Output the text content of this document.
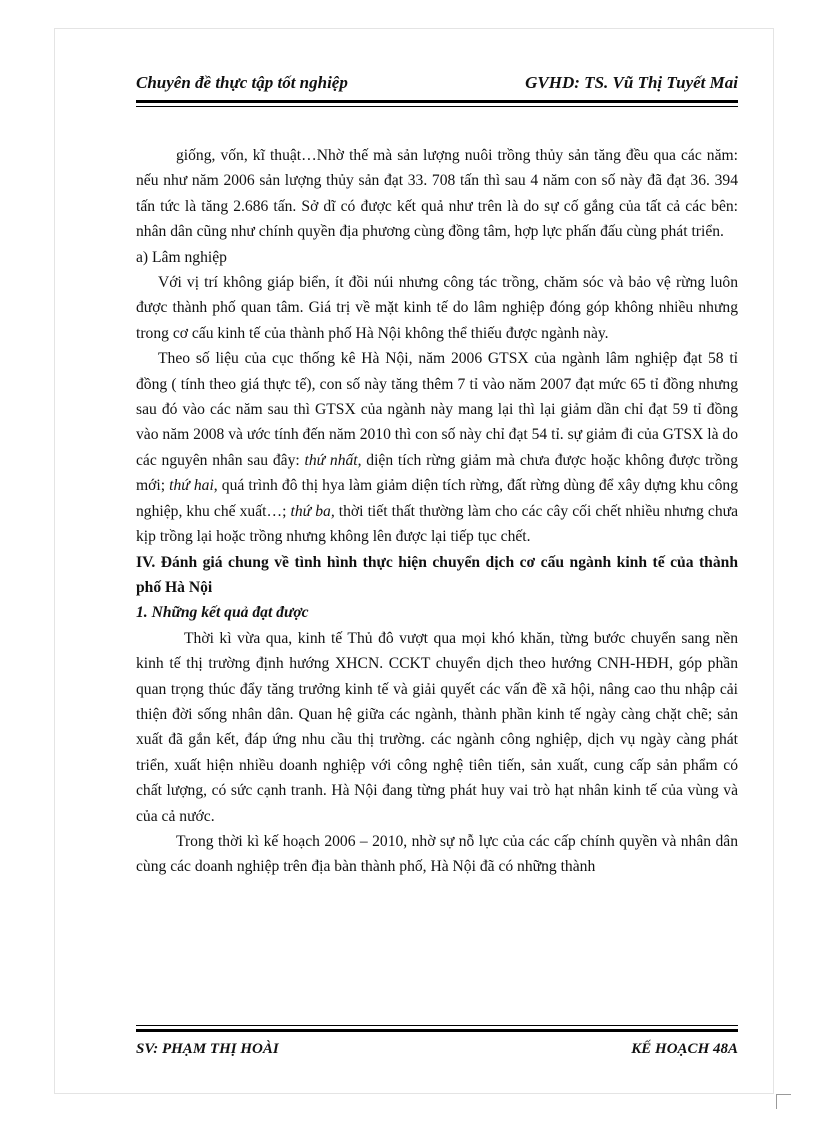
Chuyên đề thực tập tốt nghiệp	GVHD: TS. Vũ Thị Tuyết Mai

giống, vốn, kĩ thuật…Nhờ thế mà sản lượng nuôi trồng thủy sản tăng đều qua các năm: nếu như năm 2006 sản lượng thủy sản đạt 33. 708 tấn thì sau 4 năm con số này đã đạt 36. 394 tấn tức là tăng 2.686 tấn. Sở dĩ có được kết quả như trên là do sự cố gắng của tất cả các bên: nhân dân cũng như chính quyền địa phương cùng đồng tâm, hợp lực phấn đấu cùng phát triển.

a) Lâm nghiệp

Với vị trí không giáp biển, ít đồi núi nhưng công tác trồng, chăm sóc và bảo vệ rừng luôn được thành phố quan tâm. Giá trị về mặt kinh tế do lâm nghiệp đóng góp không nhiều nhưng trong cơ cấu kinh tế của thành phố Hà Nội không thể thiếu được ngành này.

Theo số liệu của cục thống kê Hà Nội, năm 2006 GTSX của ngành lâm nghiệp đạt 58 tỉ đồng ( tính theo giá thực tế), con số này tăng thêm 7 tỉ vào năm 2007 đạt mức 65 tỉ đồng nhưng sau đó vào các năm sau thì GTSX của ngành này mang lại thì lại giảm dần chỉ đạt 59 tỉ đồng vào năm 2008 và ước tính đến năm 2010 thì con số này chỉ đạt 54 tỉ. sự giảm đi của GTSX là do các nguyên nhân sau đây: thứ nhất, diện tích rừng giảm mà chưa được hoặc không được trồng mới; thứ hai, quá trình đô thị hya làm giảm diện tích rừng, đất rừng dùng để xây dựng khu công nghiệp, khu chế xuất…; thứ ba, thời tiết thất thường làm cho các cây cối chết nhiều nhưng chưa kịp trồng lại hoặc trồng nhưng không lên được lại tiếp tục chết.

IV. Đánh giá chung về tình hình thực hiện chuyển dịch cơ cấu ngành kinh tế của thành phố Hà Nội

1. Những kết quả đạt được

Thời kì vừa qua, kinh tế Thủ đô vượt qua mọi khó khăn, từng bước chuyển sang nền kinh tế thị trường định hướng XHCN. CCKT chuyển dịch theo hướng CNH-HĐH, góp phần quan trọng thúc đẩy tăng trưởng kinh tế và giải quyết các vấn đề xã hội, nâng cao thu nhập cải thiện đời sống nhân dân. Quan hệ giữa các ngành, thành phần kinh tế ngày càng chặt chẽ; sản xuất đã gắn kết, đáp ứng nhu cầu thị trường. các ngành công nghiệp, dịch vụ ngày càng phát triển, xuất hiện nhiều doanh nghiệp với công nghệ tiên tiến, sản xuất, cung cấp sản phẩm có chất lượng, có sức cạnh tranh. Hà Nội đang từng phát huy vai trò hạt nhân kinh tế của vùng và của cả nước.

Trong thời kì kế hoạch 2006 – 2010, nhờ sự nỗ lực của các cấp chính quyền và nhân dân cùng các doanh nghiệp trên địa bàn thành phố, Hà Nội đã có những thành

SV: PHẠM THỊ HOÀI	KẾ HOẠCH 48A
